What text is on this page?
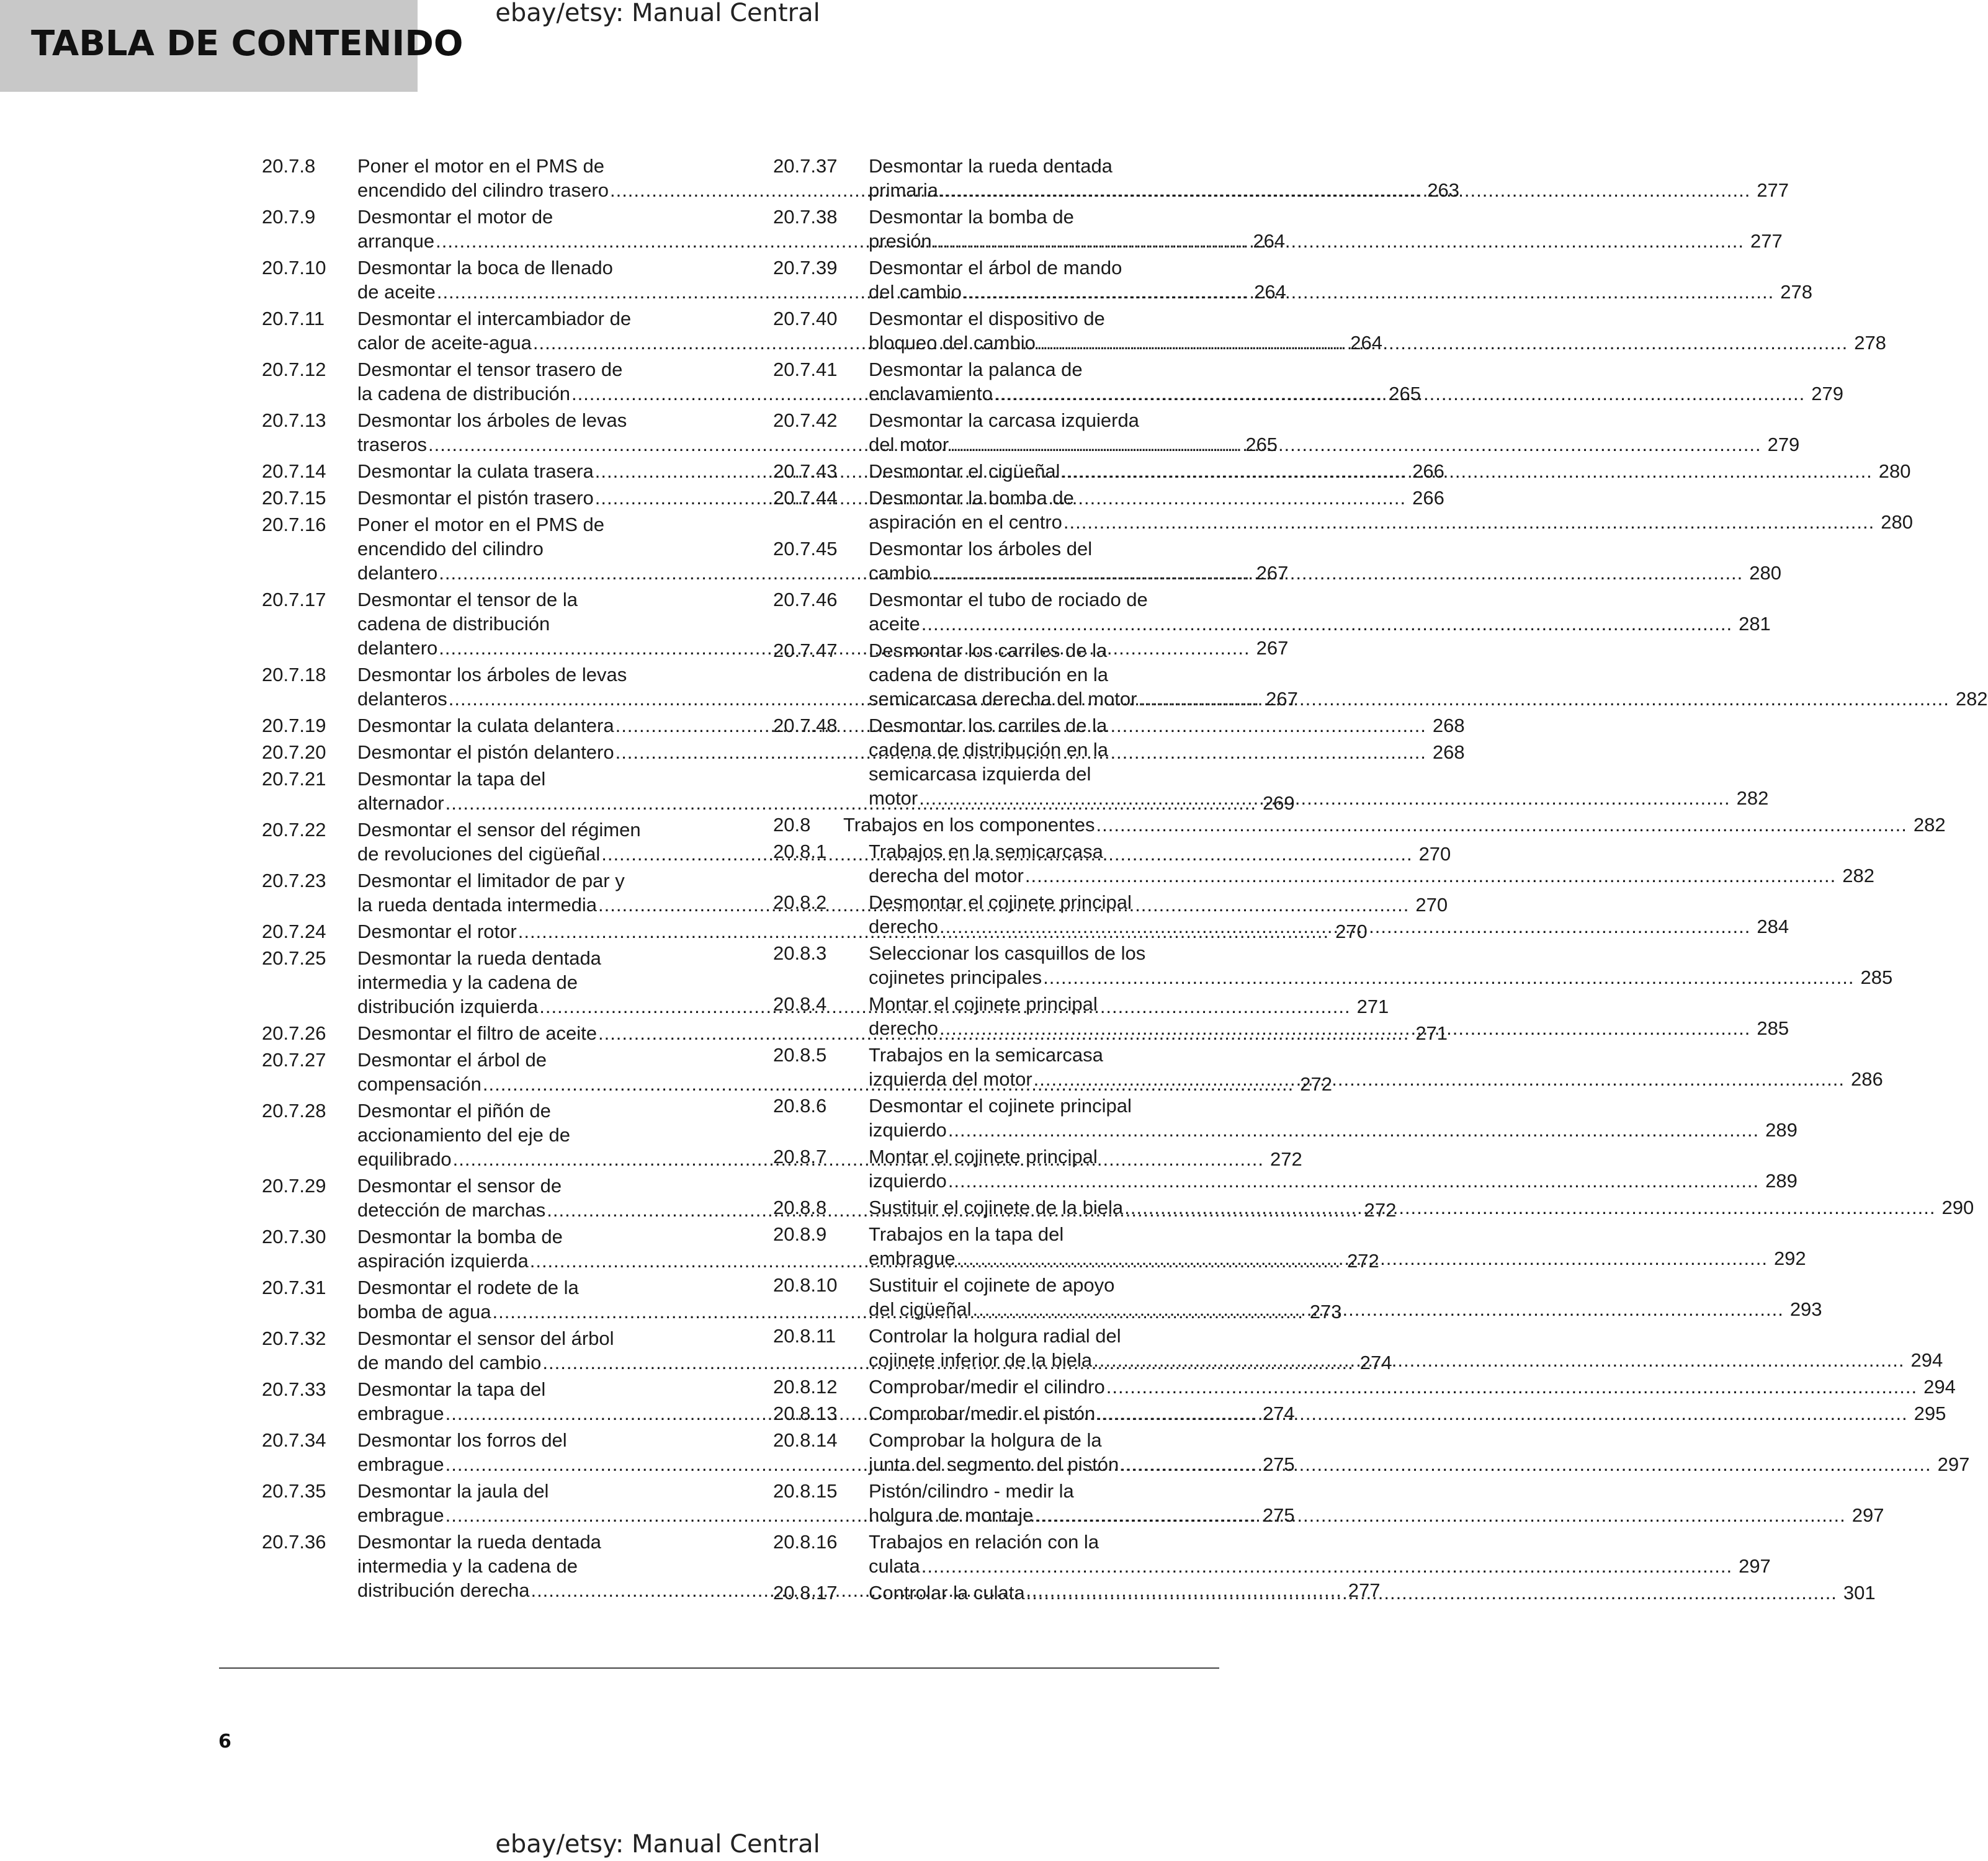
TABLA DE CONTENIDO
ebay/etsy: Manual Central
20.7.8	Poner el motor en el PMS de
encendido del cilindro trasero .....	263
20.7.9	Desmontar el motor de
arranque .....	264
20.7.10	Desmontar la boca de llenado
de aceite .....	264
20.7.11	Desmontar el intercambiador de
calor de aceite-agua .....	264
20.7.12	Desmontar el tensor trasero de
la cadena de distribución .....	265
20.7.13	Desmontar los árboles de levas
traseros .....	265
20.7.14	Desmontar la culata trasera .....	266
20.7.15	Desmontar el pistón trasero .....	266
20.7.16	Poner el motor en el PMS de
encendido del cilindro
delantero .....	267
20.7.17	Desmontar el tensor de la
cadena de distribución
delantero .....	267
20.7.18	Desmontar los árboles de levas
delanteros .....	267
20.7.19	Desmontar la culata delantera .....	268
20.7.20	Desmontar el pistón delantero .....	268
20.7.21	Desmontar la tapa del
alternador .....	269
20.7.22	Desmontar el sensor del régimen
de revoluciones del cigüeñal .....	270
20.7.23	Desmontar el limitador de par y
la rueda dentada intermedia .....	270
20.7.24	Desmontar el rotor .....	270
20.7.25	Desmontar la rueda dentada
intermedia y la cadena de
distribución izquierda .....	271
20.7.26	Desmontar el filtro de aceite .....	271
20.7.27	Desmontar el árbol de
compensación .....	272
20.7.28	Desmontar el piñón de
accionamiento del eje de
equilibrado .....	272
20.7.29	Desmontar el sensor de
detección de marchas .....	272
20.7.30	Desmontar la bomba de
aspiración izquierda .....	272
20.7.31	Desmontar el rodete de la
bomba de agua .....	273
20.7.32	Desmontar el sensor del árbol
de mando del cambio .....	274
20.7.33	Desmontar la tapa del
embrague .....	274
20.7.34	Desmontar los forros del
embrague .....	275
20.7.35	Desmontar la jaula del
embrague .....	275
20.7.36	Desmontar la rueda dentada
intermedia y la cadena de
distribución derecha .....	277
20.7.37	Desmontar la rueda dentada
primaria .....	277
20.7.38	Desmontar la bomba de
presión .....	277
20.7.39	Desmontar el árbol de mando
del cambio .....	278
20.7.40	Desmontar el dispositivo de
bloqueo del cambio .....	278
20.7.41	Desmontar la palanca de
enclavamiento .....	279
20.7.42	Desmontar la carcasa izquierda
del motor .....	279
20.7.43	Desmontar el cigüeñal .....	280
20.7.44	Desmontar la bomba de
aspiración en el centro .....	280
20.7.45	Desmontar los árboles del
cambio .....	280
20.7.46	Desmontar el tubo de rociado de
aceite .....	281
20.7.47	Desmontar los carriles de la
cadena de distribución en la
semicarcasa derecha del motor .....	282
20.7.48	Desmontar los carriles de la
cadena de distribución en la
semicarcasa izquierda del
motor .....	282
20.8	Trabajos en los componentes .....	282
20.8.1	Trabajos en la semicarcasa
derecha del motor .....	282
20.8.2	Desmontar el cojinete principal
derecho .....	284
20.8.3	Seleccionar los casquillos de los
cojinetes principales .....	285
20.8.4	Montar el cojinete principal
derecho .....	285
20.8.5	Trabajos en la semicarcasa
izquierda del motor .....	286
20.8.6	Desmontar el cojinete principal
izquierdo .....	289
20.8.7	Montar el cojinete principal
izquierdo .....	289
20.8.8	Sustituir el cojinete de la biela .....	290
20.8.9	Trabajos en la tapa del
embrague .....	292
20.8.10	Sustituir el cojinete de apoyo
del cigüeñal .....	293
20.8.11	Controlar la holgura radial del
cojinete inferior de la biela .....	294
20.8.12	Comprobar/medir el cilindro .....	294
20.8.13	Comprobar/medir el pistón .....	295
20.8.14	Comprobar la holgura de la
junta del segmento del pistón .....	297
20.8.15	Pistón/cilindro - medir la
holgura de montaje .....	297
20.8.16	Trabajos en relación con la
culata .....	297
20.8.17	Controlar la culata .....	301
6
ebay/etsy: Manual Central
